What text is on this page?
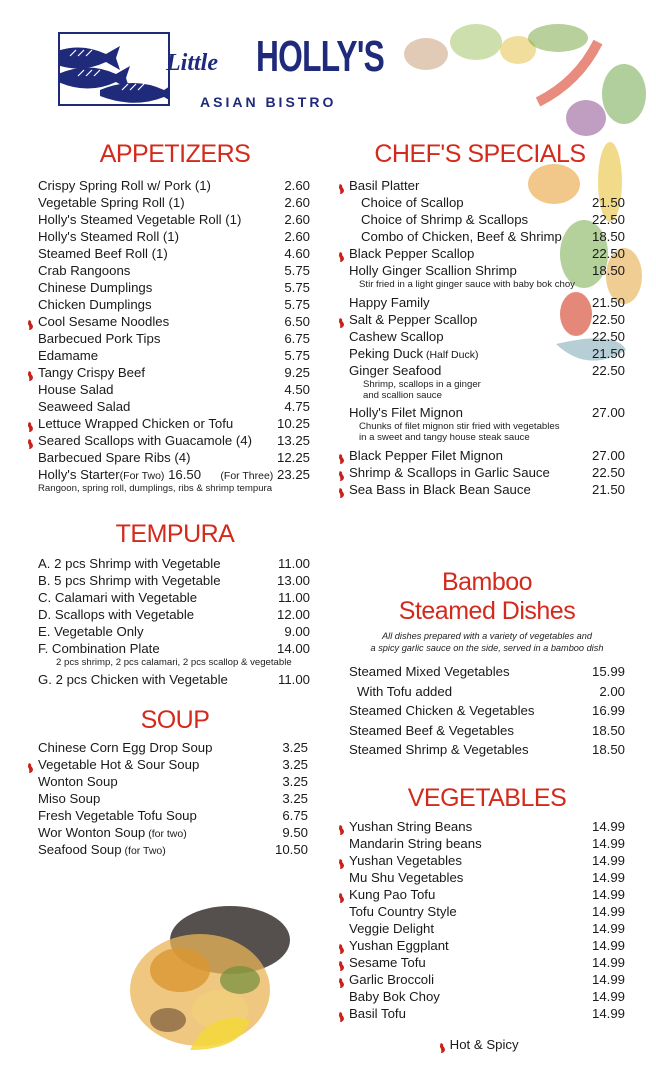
Little HOLLY'S
ASIAN BISTRO
APPETIZERS
Crispy Spring Roll w/ Pork (1)	2.60
Vegetable Spring Roll (1)	2.60
Holly's Steamed Vegetable Roll (1)	2.60
Holly's Steamed Roll (1)	2.60
Steamed Beef Roll (1)	4.60
Crab Rangoons	5.75
Chinese Dumplings	5.75
Chicken Dumplings	5.75
Cool Sesame Noodles	6.50
Barbecued Pork Tips	6.75
Edamame	5.75
Tangy Crispy Beef	9.25
House Salad	4.50
Seaweed Salad	4.75
Lettuce Wrapped Chicken or Tofu	10.25
Seared Scallops with Guacamole (4) 13.25
Barbecued Spare Ribs (4)	12.25
Holly's Starter(For Two) 16.50 (For Three) 23.25
Rangoon, spring roll, dumplings, ribs & shrimp tempura
TEMPURA
A. 2 pcs Shrimp with Vegetable	11.00
B. 5 pcs Shrimp with Vegetable	13.00
C. Calamari with Vegetable	11.00
D. Scallops with Vegetable	12.00
E. Vegetable Only	9.00
F. Combination Plate	14.00
2 pcs shrimp, 2 pcs calamari, 2 pcs scallop & vegetable
G. 2 pcs Chicken with Vegetable	11.00
SOUP
Chinese Corn Egg Drop Soup	3.25
Vegetable Hot & Sour Soup	3.25
Wonton Soup	3.25
Miso Soup	3.25
Fresh Vegetable Tofu Soup	6.75
Wor Wonton Soup (for two)	9.50
Seafood Soup (for Two)	10.50
CHEF'S SPECIALS
Basil Platter
Choice of Scallop	21.50
Choice of Shrimp & Scallops	22.50
Combo of Chicken, Beef & Shrimp 18.50
Black Pepper Scallop	22.50
Holly Ginger Scallion Shrimp	18.50
Stir fried in a light ginger sauce with baby bok choy
Happy Family	21.50
Salt & Pepper Scallop	22.50
Cashew Scallop	22.50
Peking Duck (Half Duck)	21.50
Ginger Seafood	22.50
Shrimp, scallops in a ginger
and scallion sauce
Holly's Filet Mignon	27.00
Chunks of filet mignon stir fried with vegetables
in a sweet and tangy house steak sauce
Black Pepper Filet Mignon	27.00
Shrimp & Scallops in Garlic Sauce	22.50
Sea Bass in Black Bean Sauce	21.50
Bamboo
Steamed Dishes
All dishes prepared with a variety of vegetables and
a spicy garlic sauce on the side, served in a bamboo dish
Steamed Mixed Vegetables	15.99
With Tofu added	2.00
Steamed Chicken & Vegetables	16.99
Steamed Beef & Vegetables	18.50
Steamed Shrimp & Vegetables	18.50
VEGETABLES
Yushan String Beans	14.99
Mandarin String beans	14.99
Yushan Vegetables	14.99
Mu Shu Vegetables	14.99
Kung Pao Tofu	14.99
Tofu Country Style	14.99
Veggie Delight	14.99
Yushan Eggplant	14.99
Sesame Tofu	14.99
Garlic Broccoli	14.99
Baby Bok Choy	14.99
Basil Tofu	14.99
Hot & Spicy
